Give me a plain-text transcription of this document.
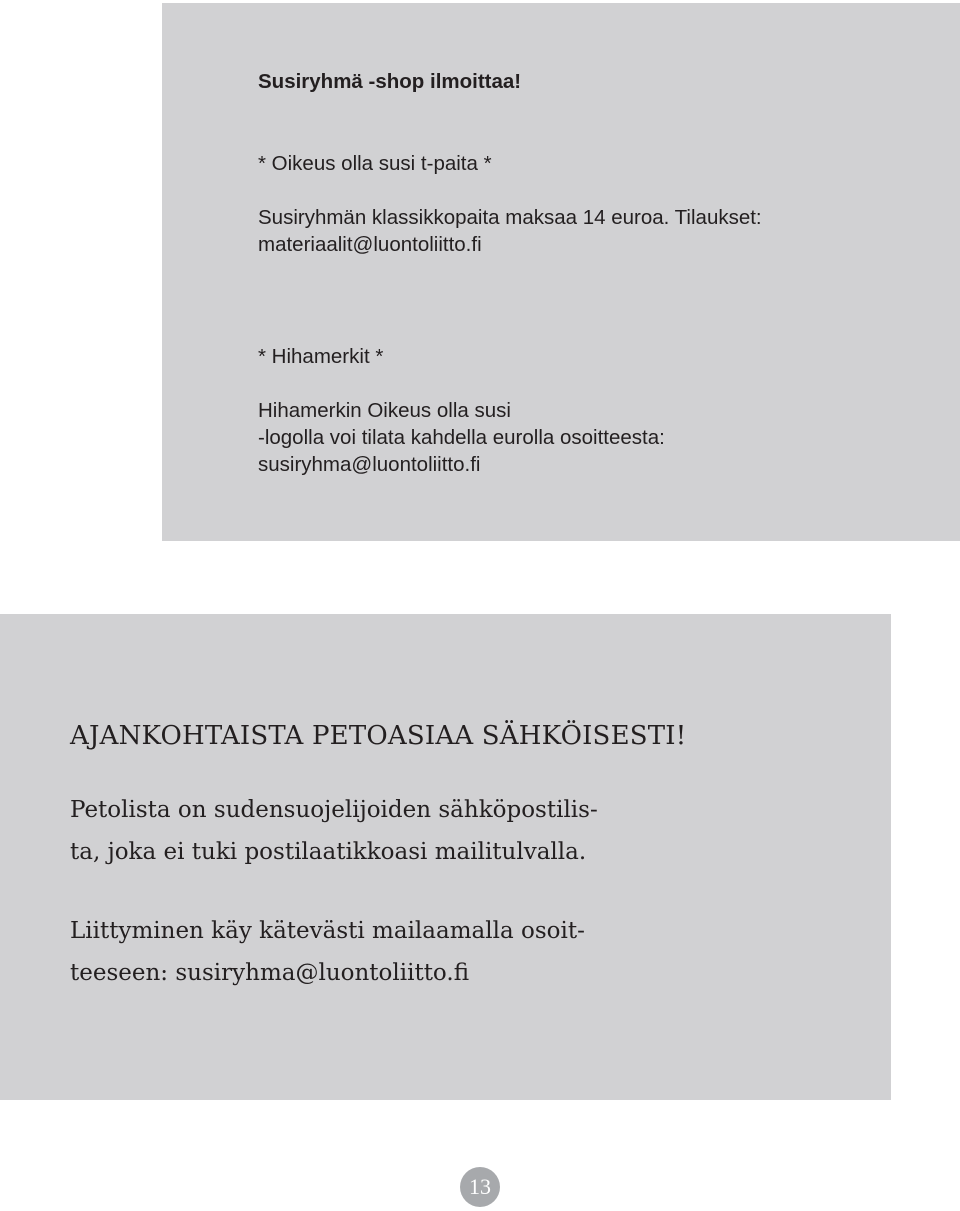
Susiryhmä -shop ilmoittaa!

* Oikeus olla susi t-paita *

Susiryhmän klassikkopaita maksaa 14 euroa. Tilaukset:
materiaalit@luontoliitto.fi

* Hihamerkit *

Hihamerkin Oikeus olla susi
-logolla voi tilata kahdella eurolla osoitteesta:
susiryhma@luontoliitto.fi

AJANKOHTAISTA PETOASIAA SÄHKÖISESTI!

Petolista on sudensuojelijoiden sähköpostilis-
ta, joka ei tuki postilaatikkoasi mailitulvalla.

Liittyminen käy kätevästi mailaamalla osoit-
teeseen: susiryhma@luontoliitto.fi

13
